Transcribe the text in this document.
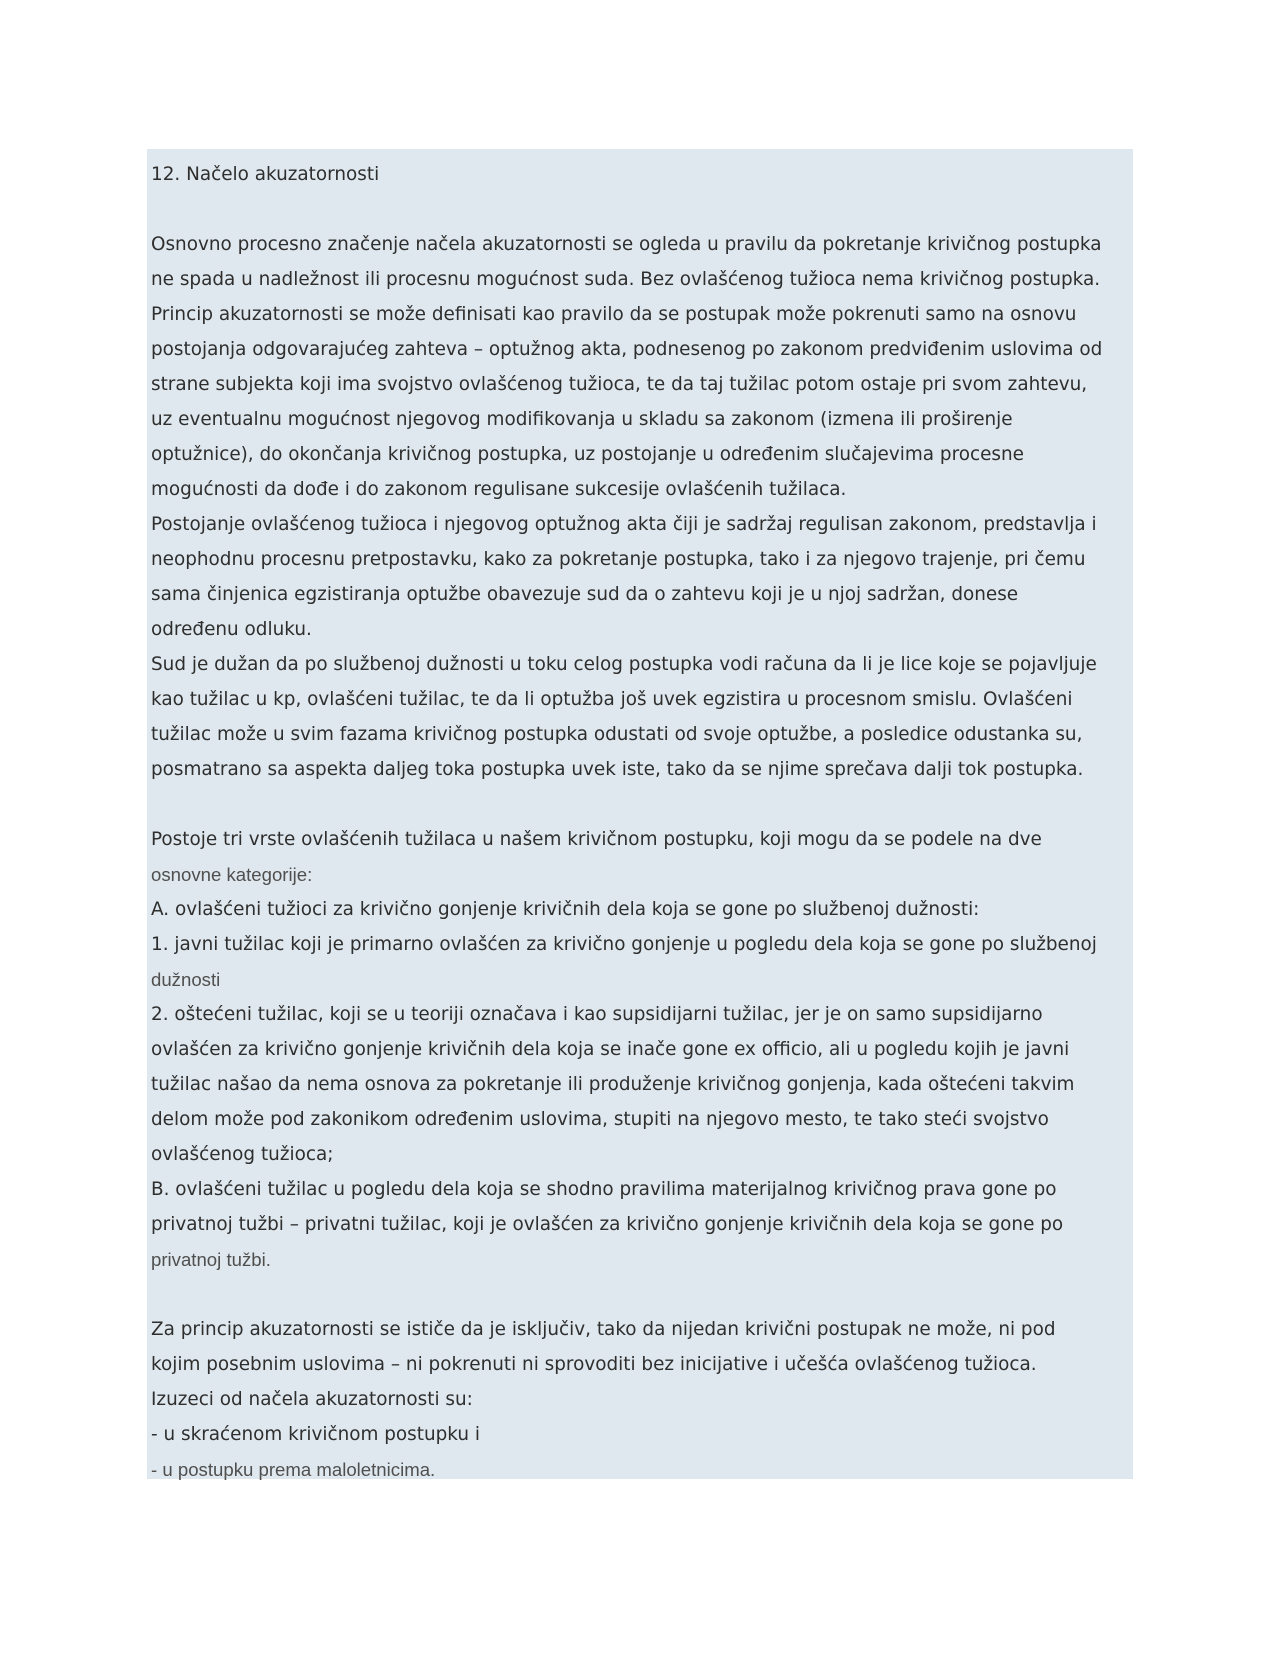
12. Načelo akuzatornosti
Osnovno procesno značenje načela akuzatornosti se ogleda u pravilu da pokretanje krivičnog postupka
ne spada u nadležnost ili procesnu mogućnost suda. Bez ovlašćenog tužioca nema krivičnog postupka.
Princip akuzatornosti se može definisati kao pravilo da se postupak može pokrenuti samo na osnovu
postojanja odgovarajućeg zahteva – optužnog akta, podnesenog po zakonom predviđenim uslovima od
strane subjekta koji ima svojstvo ovlašćenog tužioca, te da taj tužilac potom ostaje pri svom zahtevu,
uz eventualnu mogućnost njegovog modifikovanja u skladu sa zakonom (izmena ili proširenje
optužnice), do okončanja krivičnog postupka, uz postojanje u određenim slučajevima procesne
mogućnosti da dođe i do zakonom regulisane sukcesije ovlašćenih tužilaca.
Postojanje ovlašćenog tužioca i njegovog optužnog akta čiji je sadržaj regulisan zakonom, predstavlja i
neophodnu procesnu pretpostavku, kako za pokretanje postupka, tako i za njegovo trajenje, pri čemu
sama činjenica egzistiranja optužbe obavezuje sud da o zahtevu koji je u njoj sadržan, donese
određenu odluku.
Sud je dužan da po službenoj dužnosti u toku celog postupka vodi računa da li je lice koje se pojavljuje
kao tužilac u kp, ovlašćeni tužilac, te da li optužba još uvek egzistira u procesnom smislu. Ovlašćeni
tužilac može u svim fazama krivičnog postupka odustati od svoje optužbe, a posledice odustanka su,
posmatrano sa aspekta daljeg toka postupka uvek iste, tako da se njime sprečava dalji tok postupka.
Postoje tri vrste ovlašćenih tužilaca u našem krivičnom postupku, koji mogu da se podele na dve
osnovne kategorije:
A. ovlašćeni tužioci za krivično gonjenje krivičnih dela koja se gone po službenoj dužnosti:
1. javni tužilac koji je primarno ovlašćen za krivično gonjenje u pogledu dela koja se gone po službenoj
dužnosti
2. oštećeni tužilac, koji se u teoriji označava i kao supsidijarni tužilac, jer je on samo supsidijarno
ovlašćen za krivično gonjenje krivičnih dela koja se inače gone ex officio, ali u pogledu kojih je javni
tužilac našao da nema osnova za pokretanje ili produženje krivičnog gonjenja, kada oštećeni takvim
delom može pod zakonikom određenim uslovima, stupiti na njegovo mesto, te tako steći svojstvo
ovlašćenog tužioca;
B. ovlašćeni tužilac u pogledu dela koja se shodno pravilima materijalnog krivičnog prava gone po
privatnoj tužbi – privatni tužilac, koji je ovlašćen za krivično gonjenje krivičnih dela koja se gone po
privatnoj tužbi.
Za princip akuzatornosti se ističe da je isključiv, tako da nijedan krivični postupak ne može, ni pod
kojim posebnim uslovima – ni pokrenuti ni sprovoditi bez inicijative i učešća ovlašćenog tužioca.
Izuzeci od načela akuzatornosti su:
- u skraćenom krivičnom postupku i
- u postupku prema maloletnicima.
